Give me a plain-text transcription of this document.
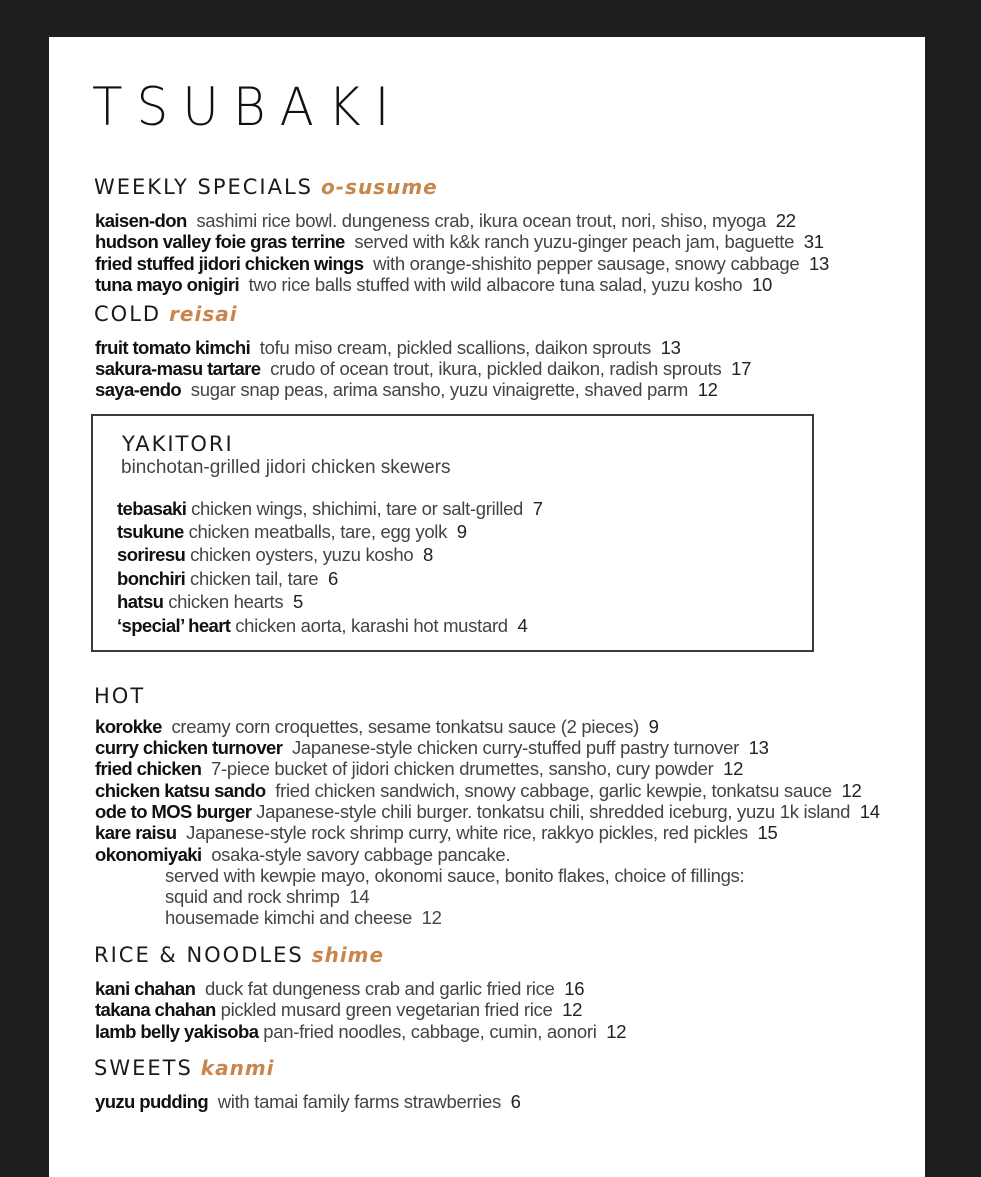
TSUBAKI
WEEKLY SPECIALS o-susume
kaisen-don sashimi rice bowl. dungeness crab, ikura ocean trout, nori, shiso, myoga 22
hudson valley foie gras terrine served with k&k ranch yuzu-ginger peach jam, baguette 31
fried stuffed jidori chicken wings with orange-shishito pepper sausage, snowy cabbage 13
tuna mayo onigiri two rice balls stuffed with wild albacore tuna salad, yuzu kosho 10
COLD reisai
fruit tomato kimchi tofu miso cream, pickled scallions, daikon sprouts 13
sakura-masu tartare crudo of ocean trout, ikura, pickled daikon, radish sprouts 17
saya-endo sugar snap peas, arima sansho, yuzu vinaigrette, shaved parm 12
YAKITORI
binchotan-grilled jidori chicken skewers
tebasaki chicken wings, shichimi, tare or salt-grilled 7
tsukune chicken meatballs, tare, egg yolk 9
soriresu chicken oysters, yuzu kosho 8
bonchiri chicken tail, tare 6
hatsu chicken hearts 5
‘special’ heart chicken aorta, karashi hot mustard 4
HOT
korokke creamy corn croquettes, sesame tonkatsu sauce (2 pieces) 9
curry chicken turnover Japanese-style chicken curry-stuffed puff pastry turnover 13
fried chicken 7-piece bucket of jidori chicken drumettes, sansho, cury powder 12
chicken katsu sando fried chicken sandwich, snowy cabbage, garlic kewpie, tonkatsu sauce 12
ode to MOS burger Japanese-style chili burger. tonkatsu chili, shredded iceburg, yuzu 1k island 14
kare raisu Japanese-style rock shrimp curry, white rice, rakkyo pickles, red pickles 15
okonomiyaki osaka-style savory cabbage pancake.
served with kewpie mayo, okonomi sauce, bonito flakes, choice of fillings:
squid and rock shrimp 14
housemade kimchi and cheese 12
RICE & NOODLES shime
kani chahan duck fat dungeness crab and garlic fried rice 16
takana chahan pickled musard green vegetarian fried rice 12
lamb belly yakisoba pan-fried noodles, cabbage, cumin, aonori 12
SWEETS kanmi
yuzu pudding with tamai family farms strawberries 6
